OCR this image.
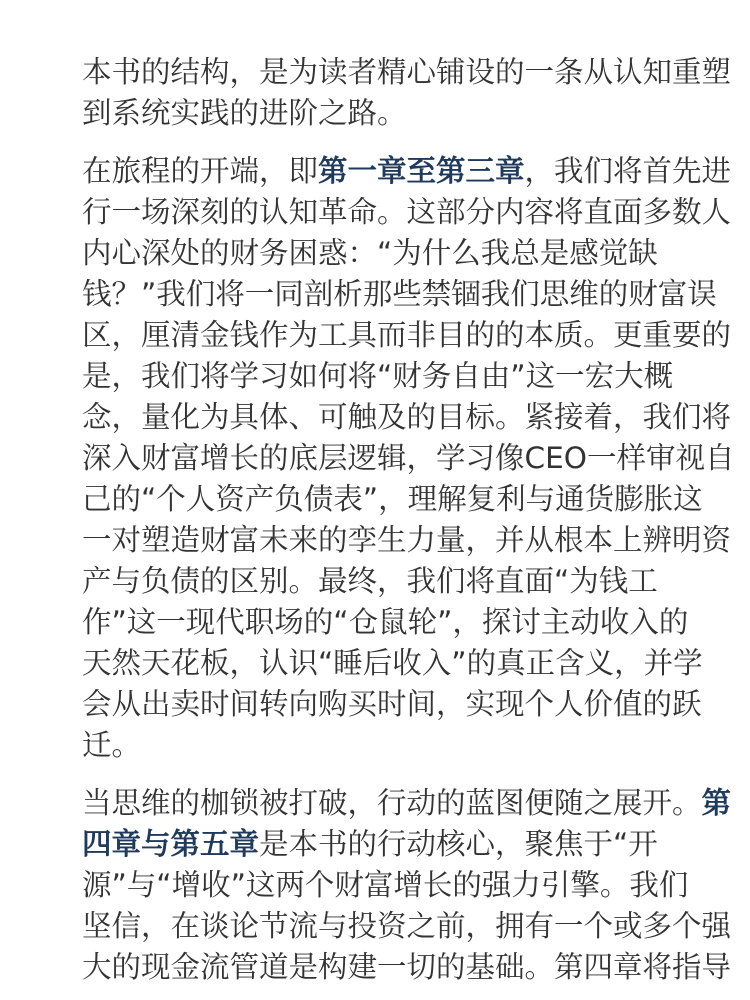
本书的结构，是为读者精心铺设的一条从认知重塑
到系统实践的进阶之路。
在旅程的开端，即第一章至第三章，我们将首先进
行一场深刻的认知革命。这部分内容将直面多数人
内心深处的财务困惑：“为什么我总是感觉缺
钱？”我们将一同剖析那些禁锢我们思维的财富误
区，厘清金钱作为工具而非目的的本质。更重要的
是，我们将学习如何将“财务自由”这一宏大概
念，量化为具体、可触及的目标。紧接着，我们将
深入财富增长的底层逻辑，学习像CEO一样审视自
己的“个人资产负债表”，理解复利与通货膨胀这
一对塑造财富未来的孪生力量，并从根本上辨明资
产与负债的区别。最终，我们将直面“为钱工
作”这一现代职场的“仓鼠轮”，探讨主动收入的
天然天花板，认识“睡后收入”的真正含义，并学
会从出卖时间转向购买时间，实现个人价值的跃
迁。
当思维的枷锁被打破，行动的蓝图便随之展开。第
四章与第五章是本书的行动核心，聚焦于“开
源”与“增收”这两个财富增长的强力引擎。我们
坚信，在谈论节流与投资之前，拥有一个或多个强
大的现金流管道是构建一切的基础。第四章将指导
